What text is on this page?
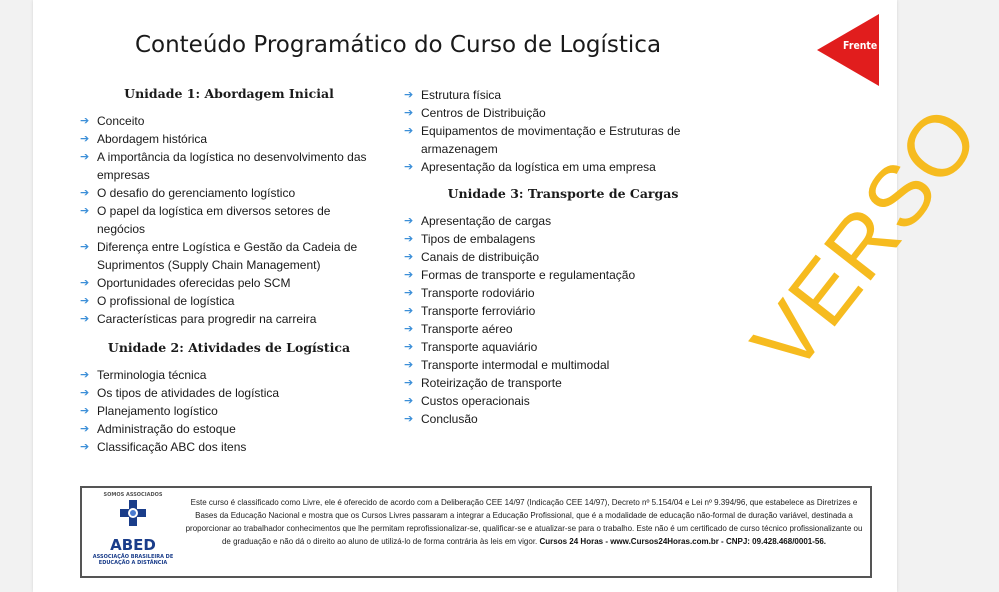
Conteúdo Programático do Curso de Logística	Frente
Unidade 1: Abordagem Inicial
➔ Conceito
➔ Abordagem histórica
➔ A importância da logística no desenvolvimento das empresas
➔ O desafio do gerenciamento logístico
➔ O papel da logística em diversos setores de negócios
➔ Diferença entre Logística e Gestão da Cadeia de Suprimentos (Supply Chain Management)
➔ Oportunidades oferecidas pelo SCM
➔ O profissional de logística
➔ Características para progredir na carreira
Unidade 2: Atividades de Logística
➔ Terminologia técnica
➔ Os tipos de atividades de logística
➔ Planejamento logístico
➔ Administração do estoque
➔ Classificação ABC dos itens
➔ Estrutura física
➔ Centros de Distribuição
➔ Equipamentos de movimentação e Estruturas de armazenagem
➔ Apresentação da logística em uma empresa
Unidade 3: Transporte de Cargas
➔ Apresentação de cargas
➔ Tipos de embalagens
➔ Canais de distribuição
➔ Formas de transporte e regulamentação
➔ Transporte rodoviário
➔ Transporte ferroviário
➔ Transporte aéreo
➔ Transporte aquaviário
➔ Transporte intermodal e multimodal
➔ Roteirização de transporte
➔ Custos operacionais
➔ Conclusão
VERSO
SOMOS ASSOCIADOS
ABED
ASSOCIAÇÃO BRASILEIRA DE EDUCAÇÃO A DISTÂNCIA
Este curso é classificado como Livre, ele é oferecido de acordo com a Deliberação CEE 14/97 (Indicação CEE 14/97), Decreto nº 5.154/04 e Lei nº 9.394/96, que estabelece as Diretrizes e Bases da Educação Nacional e mostra que os Cursos Livres passaram a integrar a Educação Profissional, que é a modalidade de educação não-formal de duração variável, destinada a proporcionar ao trabalhador conhecimentos que lhe permitam reprofissionalizar-se, qualificar-se e atualizar-se para o trabalho. Este não é um certificado de curso técnico profissionalizante ou de graduação e não dá o direito ao aluno de utilizá-lo de forma contrária às leis em vigor. Cursos 24 Horas - www.Cursos24Horas.com.br - CNPJ: 09.428.468/0001-56.
